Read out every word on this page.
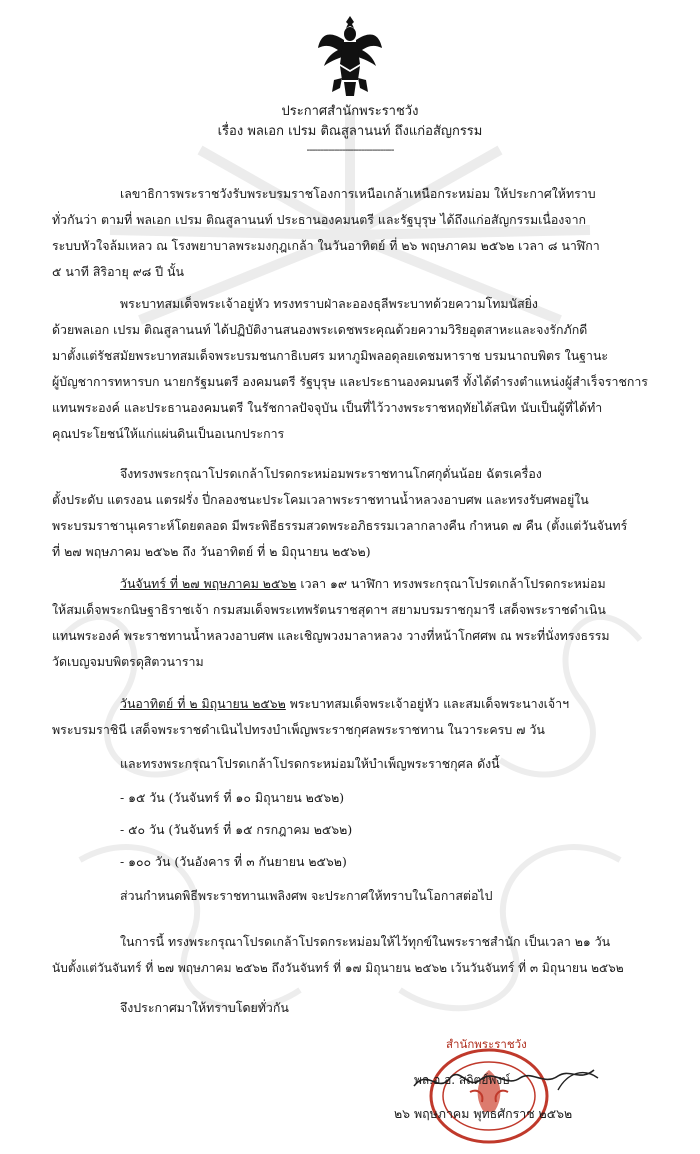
ประกาศสำนักพระราชวัง
เรื่อง พลเอก เปรม ติณสูลานนท์ ถึงแก่อสัญกรรม
--------------------------------
เลขาธิการพระราชวังรับพระบรมราชโองการเหนือเกล้าเหนือกระหม่อม ให้ประกาศให้ทราบ
ทั่วกันว่า ตามที่ พลเอก เปรม ติณสูลานนท์ ประธานองคมนตรี และรัฐบุรุษ ได้ถึงแก่อสัญกรรมเนื่องจาก
ระบบหัวใจล้มเหลว ณ โรงพยาบาลพระมงกุฎเกล้า ในวันอาทิตย์ ที่ ๒๖ พฤษภาคม ๒๕๖๒ เวลา ๘ นาฬิกา
๕ นาที สิริอายุ ๙๘ ปี นั้น
พระบาทสมเด็จพระเจ้าอยู่หัว ทรงทราบฝ่าละอองธุลีพระบาทด้วยความโทมนัสยิ่ง
ด้วยพลเอก เปรม ติณสูลานนท์ ได้ปฏิบัติงานสนองพระเดชพระคุณด้วยความวิริยอุตสาหะและจงรักภักดี
มาตั้งแต่รัชสมัยพระบาทสมเด็จพระบรมชนกาธิเบศร มหาภูมิพลอดุลยเดชมหาราช บรมนาถบพิตร ในฐานะ
ผู้บัญชาการทหารบก นายกรัฐมนตรี องคมนตรี รัฐบุรุษ และประธานองคมนตรี ทั้งได้ดำรงตำแหน่งผู้สำเร็จราชการ
แทนพระองค์ และประธานองคมนตรี ในรัชกาลปัจจุบัน เป็นที่ไว้วางพระราชหฤทัยได้สนิท นับเป็นผู้ที่ได้ทำ
คุณประโยชน์ให้แก่แผ่นดินเป็นอเนกประการ
จึงทรงพระกรุณาโปรดเกล้าโปรดกระหม่อมพระราชทานโกศกุดั่นน้อย ฉัตรเครื่อง
ตั้งประดับ แตรงอน แตรฝรั่ง ปี่กลองชนะประโคมเวลาพระราชทานน้ำหลวงอาบศพ และทรงรับศพอยู่ใน
พระบรมราชานุเคราะห์โดยตลอด มีพระพิธีธรรมสวดพระอภิธรรมเวลากลางคืน กำหนด ๗ คืน (ตั้งแต่วันจันทร์
ที่ ๒๗ พฤษภาคม ๒๕๖๒ ถึง วันอาทิตย์ ที่ ๒ มิถุนายน ๒๕๖๒)
วันจันทร์ ที่ ๒๗ พฤษภาคม ๒๕๖๒ เวลา ๑๙ นาฬิกา ทรงพระกรุณาโปรดเกล้าโปรดกระหม่อม
ให้สมเด็จพระกนิษฐาธิราชเจ้า กรมสมเด็จพระเทพรัตนราชสุดาฯ สยามบรมราชกุมารี เสด็จพระราชดำเนิน
แทนพระองค์ พระราชทานน้ำหลวงอาบศพ และเชิญพวงมาลาหลวง วางที่หน้าโกศศพ ณ พระที่นั่งทรงธรรม
วัดเบญจมบพิตรดุสิตวนาราม
วันอาทิตย์ ที่ ๒ มิถุนายน ๒๕๖๒ พระบาทสมเด็จพระเจ้าอยู่หัว และสมเด็จพระนางเจ้าฯ
พระบรมราชินี เสด็จพระราชดำเนินไปทรงบำเพ็ญพระราชกุศลพระราชทาน ในวาระครบ ๗ วัน
และทรงพระกรุณาโปรดเกล้าโปรดกระหม่อมให้บำเพ็ญพระราชกุศล ดังนี้
- ๑๕ วัน (วันจันทร์ ที่ ๑๐ มิถุนายน ๒๕๖๒)
- ๕๐ วัน (วันจันทร์ ที่ ๑๕ กรกฎาคม ๒๕๖๒)
- ๑๐๐ วัน (วันอังคาร ที่ ๓ กันยายน ๒๕๖๒)
ส่วนกำหนดพิธีพระราชทานเพลิงศพ จะประกาศให้ทราบในโอกาสต่อไป
ในการนี้ ทรงพระกรุณาโปรดเกล้าโปรดกระหม่อมให้ไว้ทุกข์ในพระราชสำนัก เป็นเวลา ๒๑ วัน
นับตั้งแต่วันจันทร์ ที่ ๒๗ พฤษภาคม ๒๕๖๒ ถึงวันจันทร์ ที่ ๑๗ มิถุนายน ๒๕๖๒ เว้นวันจันทร์ ที่ ๓ มิถุนายน ๒๕๖๒
จึงประกาศมาให้ทราบโดยทั่วกัน
สำนักพระราชวัง
พล.อ.อ. สถิตย์พงษ์
๒๖ พฤษภาคม พุทธศักราช ๒๕๖๒
